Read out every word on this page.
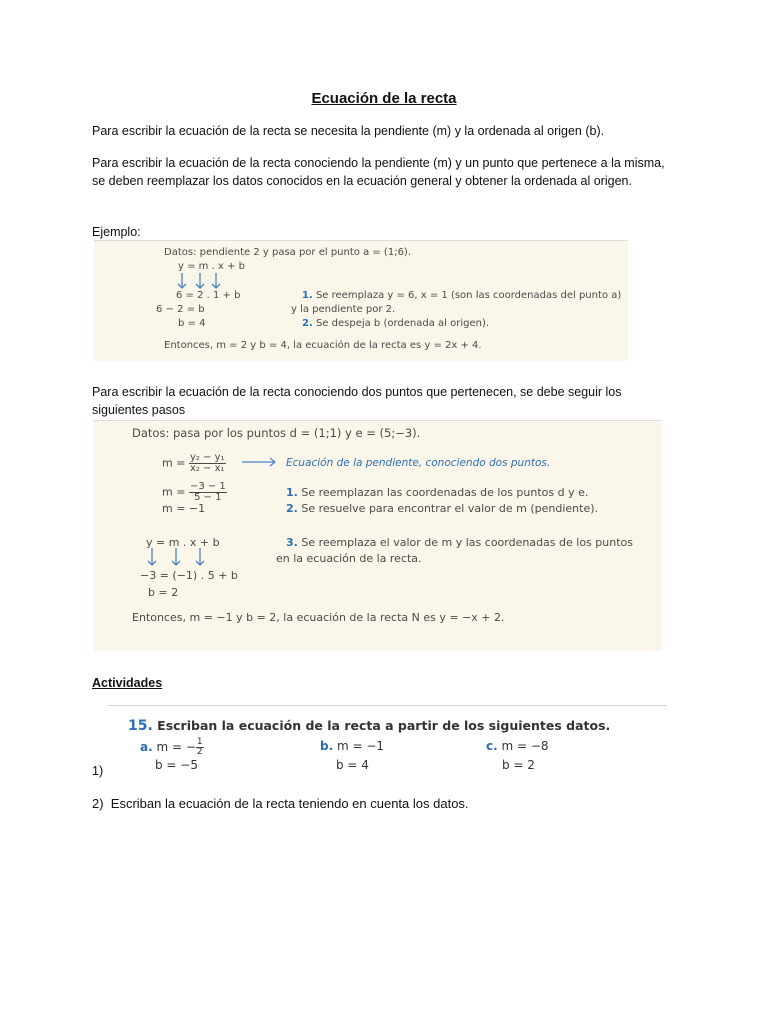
Ecuación de la recta
Para escribir la ecuación de la recta se necesita la pendiente (m) y la ordenada al origen (b).
Para escribir la ecuación de la recta conociendo la pendiente (m) y un punto que pertenece a la misma, se deben reemplazar los datos conocidos en la ecuación general y obtener la ordenada al origen.
Ejemplo:
Datos: pendiente 2 y pasa por el punto a = (1;6).
y = m . x + b
6 = 2 . 1 + b
6 − 2 = b
b = 4
1. Se reemplaza y = 6, x = 1 (son las coordenadas del punto a)
y la pendiente por 2.
2. Se despeja b (ordenada al origen).
Entonces, m = 2 y b = 4, la ecuación de la recta es y = 2x + 4.
Para escribir la ecuación de la recta conociendo dos puntos que pertenecen, se debe seguir los siguientes pasos
Datos: pasa por los puntos d = (1;1) y e = (5;−3).
$m = \frac{\text{y₂ − y₁}}{\text{x₂ − x₁}}$	Ecuación de la pendiente, conociendo dos puntos.
$m = \frac{-3 - 1}{5 - 1}$
m = −1
1. Se reemplazan las coordenadas de los puntos d y e.
2. Se resuelve para encontrar el valor de m (pendiente).
y = m . x + b
−3 = (−1) . 5 + b
b = 2
3. Se reemplaza el valor de m y las coordenadas de los puntos
en la ecuación de la recta.
Entonces, m = −1 y b = 2, la ecuación de la recta N es y = −x + 2.
Actividades
1)
15. Escriban la ecuación de la recta a partir de los siguientes datos.
a. m = − $\frac{1}{2}$
b = −5
b. m = −1
b = 4
c. m = −8
b = 2
2) Escriban la ecuación de la recta teniendo en cuenta los datos.
